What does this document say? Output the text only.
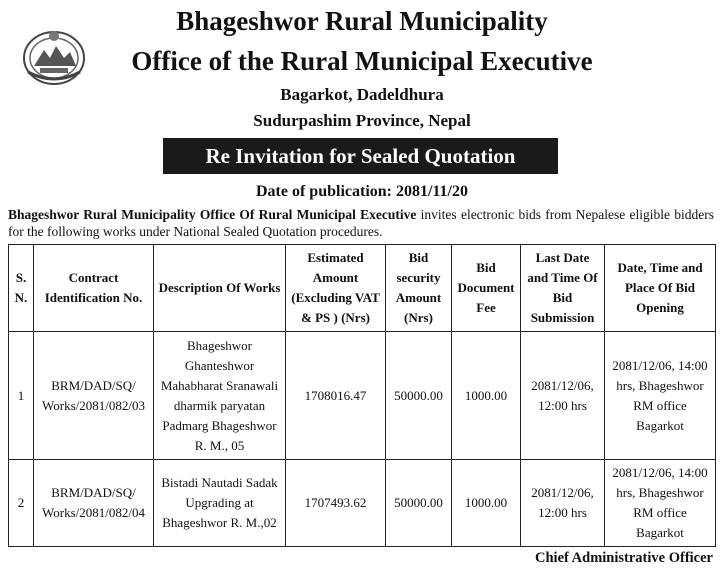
Bhageshwor Rural Municipality
Office of the Rural Municipal Executive
Bagarkot, Dadeldhura
Sudurpashim Province, Nepal
Re Invitation for Sealed Quotation
Date of publication: 2081/11/20
Bhageshwor Rural Municipality Office Of Rural Municipal Executive invites electronic bids from Nepalese eligible bidders for the following works under National Sealed Quotation procedures.
S. N.	Contract Identification No.	Description Of Works	Estimated Amount (Excluding VAT & PS ) (Nrs)	Bid security Amount (Nrs)	Bid Document Fee	Last Date and Time Of Bid Submission	Date, Time and Place Of Bid Opening
1	BRM/DAD/SQ/ Works/2081/082/03	Bhageshwor Ghanteshwor Mahabharat Sranawali dharmik paryatan Padmarg Bhageshwor R. M., 05	1708016.47	50000.00	1000.00	2081/12/06, 12:00 hrs	2081/12/06, 14:00 hrs, Bhageshwor RM office Bagarkot
2	BRM/DAD/SQ/ Works/2081/082/04	Bistadi Nautadi Sadak Upgrading at Bhageshwor R. M.,02	1707493.62	50000.00	1000.00	2081/12/06, 12:00 hrs	2081/12/06, 14:00 hrs, Bhageshwor RM office Bagarkot
Chief Administrative Officer
